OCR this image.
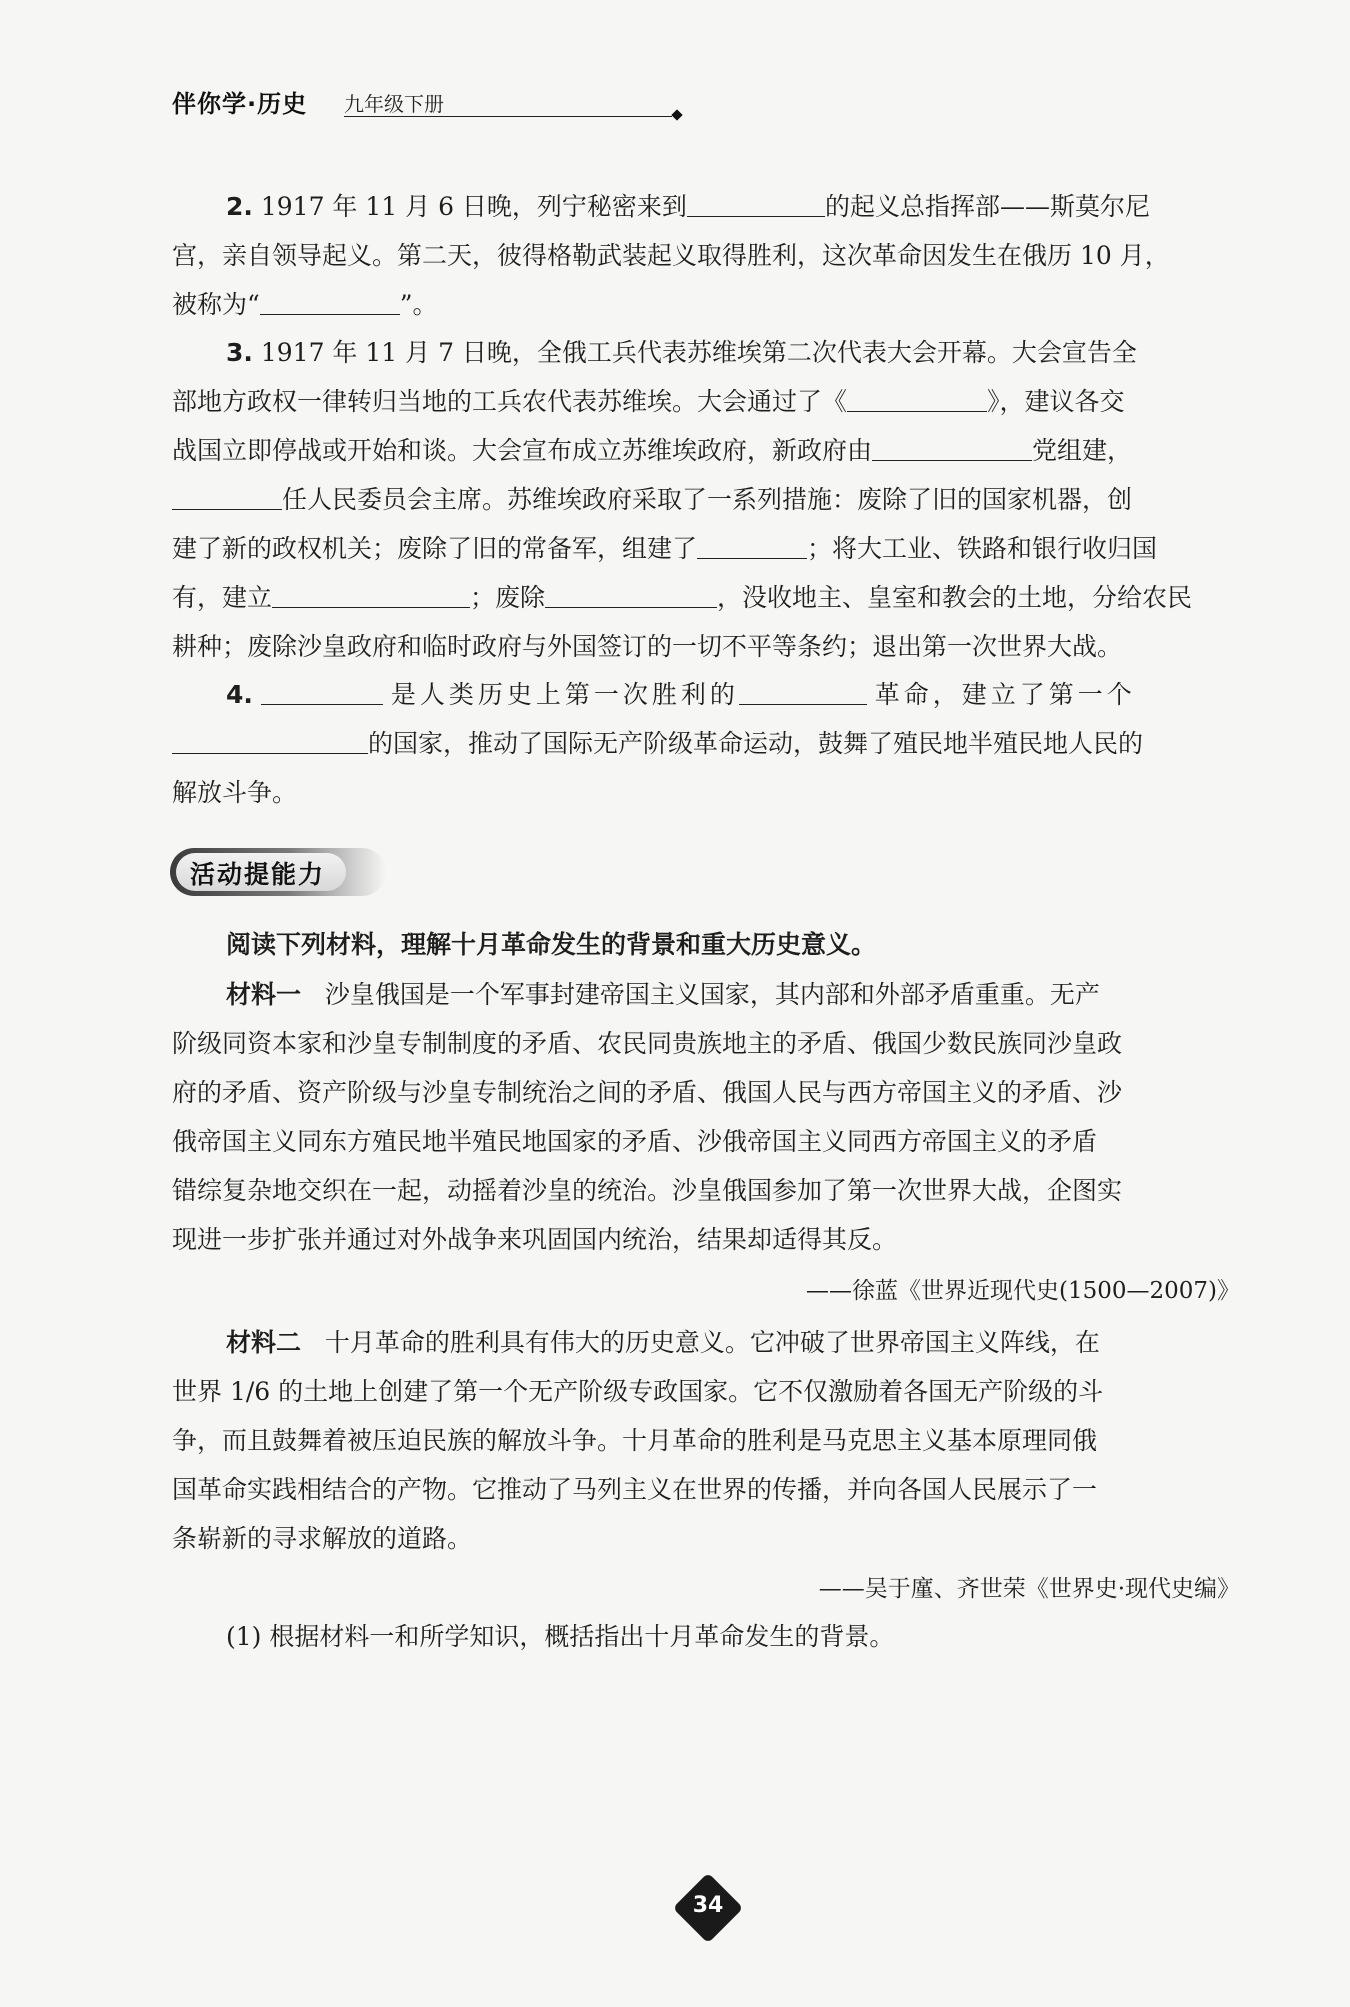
伴你学·历史 九年级下册
2. 1917 年 11 月 6 日晚，列宁秘密来到	的起义总指挥部——斯莫尔尼
宫，亲自领导起义。第二天，彼得格勒武装起义取得胜利，这次革命因发生在俄历 10 月，
被称为“	”。
3. 1917 年 11 月 7 日晚，全俄工兵代表苏维埃第二次代表大会开幕。大会宣告全
部地方政权一律转归当地的工兵农代表苏维埃。大会通过了《	》，建议各交
战国立即停战或开始和谈。大会宣布成立苏维埃政府，新政府由	党组建，
任人民委员会主席。苏维埃政府采取了一系列措施：废除了旧的国家机器，创
建了新的政权机关；废除了旧的常备军，组建了	；将大工业、铁路和银行收归国
有，建立	；废除	，没收地主、皇室和教会的土地，分给农民
耕种；废除沙皇政府和临时政府与外国签订的一切不平等条约；退出第一次世界大战。
4.	是人类历史上第一次胜利的	革命，建立了第一个
的国家，推动了国际无产阶级革命运动，鼓舞了殖民地半殖民地人民的
解放斗争。
活动提能力
阅读下列材料，理解十月革命发生的背景和重大历史意义。
材料一 沙皇俄国是一个军事封建帝国主义国家，其内部和外部矛盾重重。无产
阶级同资本家和沙皇专制制度的矛盾、农民同贵族地主的矛盾、俄国少数民族同沙皇政
府的矛盾、资产阶级与沙皇专制统治之间的矛盾、俄国人民与西方帝国主义的矛盾、沙
俄帝国主义同东方殖民地半殖民地国家的矛盾、沙俄帝国主义同西方帝国主义的矛盾
错综复杂地交织在一起，动摇着沙皇的统治。沙皇俄国参加了第一次世界大战，企图实
现进一步扩张并通过对外战争来巩固国内统治，结果却适得其反。
——徐蓝《世界近现代史(1500—2007)》
材料二 十月革命的胜利具有伟大的历史意义。它冲破了世界帝国主义阵线，在
世界 1/6 的土地上创建了第一个无产阶级专政国家。它不仅激励着各国无产阶级的斗
争，而且鼓舞着被压迫民族的解放斗争。十月革命的胜利是马克思主义基本原理同俄
国革命实践相结合的产物。它推动了马列主义在世界的传播，并向各国人民展示了一
条崭新的寻求解放的道路。
——吴于廑、齐世荣《世界史·现代史编》
(1) 根据材料一和所学知识，概括指出十月革命发生的背景。
34
